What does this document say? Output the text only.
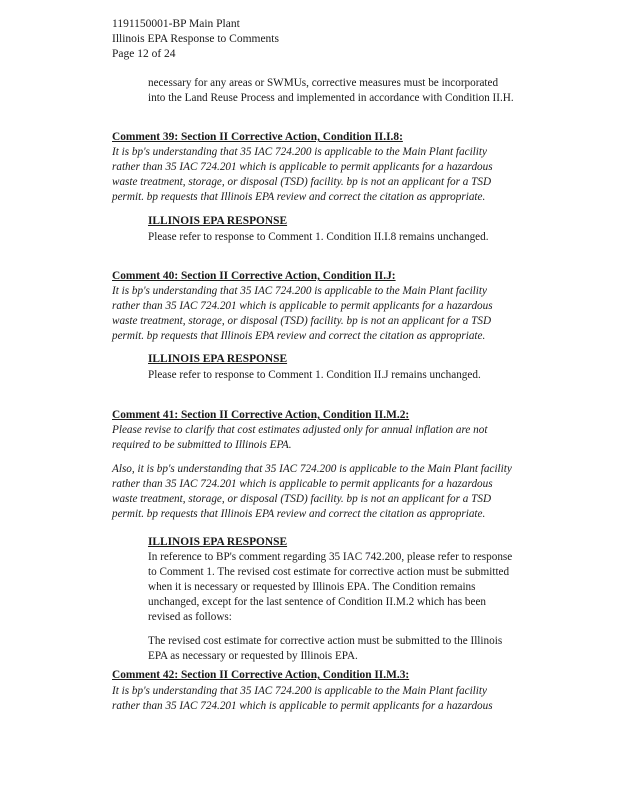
1191150001-BP Main Plant
Illinois EPA Response to Comments
Page 12 of 24
necessary for any areas or SWMUs, corrective measures must be incorporated
into the Land Reuse Process and implemented in accordance with Condition II.H.
Comment 39: Section II Corrective Action, Condition II.I.8:
It is bp's understanding that 35 IAC 724.200 is applicable to the Main Plant facility
rather than 35 IAC 724.201 which is applicable to permit applicants for a hazardous
waste treatment, storage, or disposal (TSD) facility. bp is not an applicant for a TSD
permit. bp requests that Illinois EPA review and correct the citation as appropriate.
ILLINOIS EPA RESPONSE
Please refer to response to Comment 1. Condition II.I.8 remains unchanged.
Comment 40: Section II Corrective Action, Condition II.J:
It is bp's understanding that 35 IAC 724.200 is applicable to the Main Plant facility
rather than 35 IAC 724.201 which is applicable to permit applicants for a hazardous
waste treatment, storage, or disposal (TSD) facility. bp is not an applicant for a TSD
permit. bp requests that Illinois EPA review and correct the citation as appropriate.
ILLINOIS EPA RESPONSE
Please refer to response to Comment 1. Condition II.J remains unchanged.
Comment 41: Section II Corrective Action, Condition II.M.2:
Please revise to clarify that cost estimates adjusted only for annual inflation are not
required to be submitted to Illinois EPA.
Also, it is bp's understanding that 35 IAC 724.200 is applicable to the Main Plant facility
rather than 35 IAC 724.201 which is applicable to permit applicants for a hazardous
waste treatment, storage, or disposal (TSD) facility. bp is not an applicant for a TSD
permit. bp requests that Illinois EPA review and correct the citation as appropriate.
ILLINOIS EPA RESPONSE
In reference to BP's comment regarding 35 IAC 742.200, please refer to response
to Comment 1. The revised cost estimate for corrective action must be submitted
when it is necessary or requested by Illinois EPA. The Condition remains
unchanged, except for the last sentence of Condition II.M.2 which has been
revised as follows:
The revised cost estimate for corrective action must be submitted to the Illinois
EPA as necessary or requested by Illinois EPA.
Comment 42: Section II Corrective Action, Condition II.M.3:
It is bp's understanding that 35 IAC 724.200 is applicable to the Main Plant facility
rather than 35 IAC 724.201 which is applicable to permit applicants for a hazardous
